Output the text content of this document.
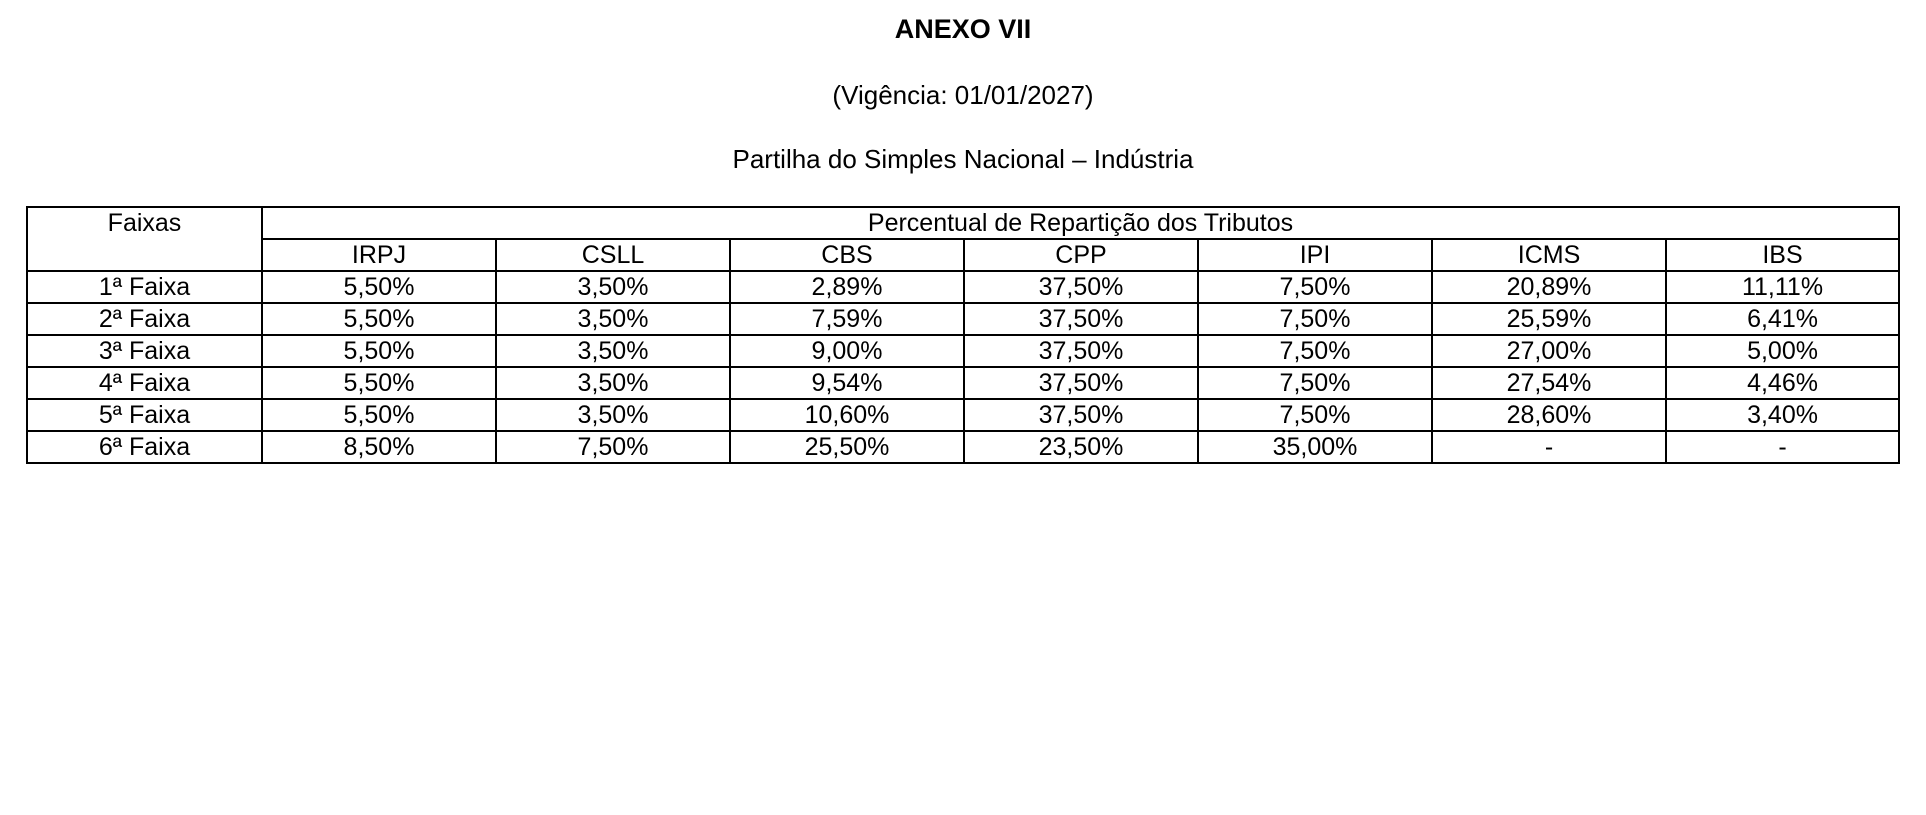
ANEXO VII
(Vigência: 01/01/2027)
Partilha do Simples Nacional – Indústria
Faixas	Percentual de Repartição dos Tributos						
	IRPJ	CSLL	CBS	CPP	IPI	ICMS	IBS
1ª Faixa	5,50%	3,50%	2,89%	37,50%	7,50%	20,89%	11,11%
2ª Faixa	5,50%	3,50%	7,59%	37,50%	7,50%	25,59%	6,41%
3ª Faixa	5,50%	3,50%	9,00%	37,50%	7,50%	27,00%	5,00%
4ª Faixa	5,50%	3,50%	9,54%	37,50%	7,50%	27,54%	4,46%
5ª Faixa	5,50%	3,50%	10,60%	37,50%	7,50%	28,60%	3,40%
6ª Faixa	8,50%	7,50%	25,50%	23,50%	35,00%	-	-
